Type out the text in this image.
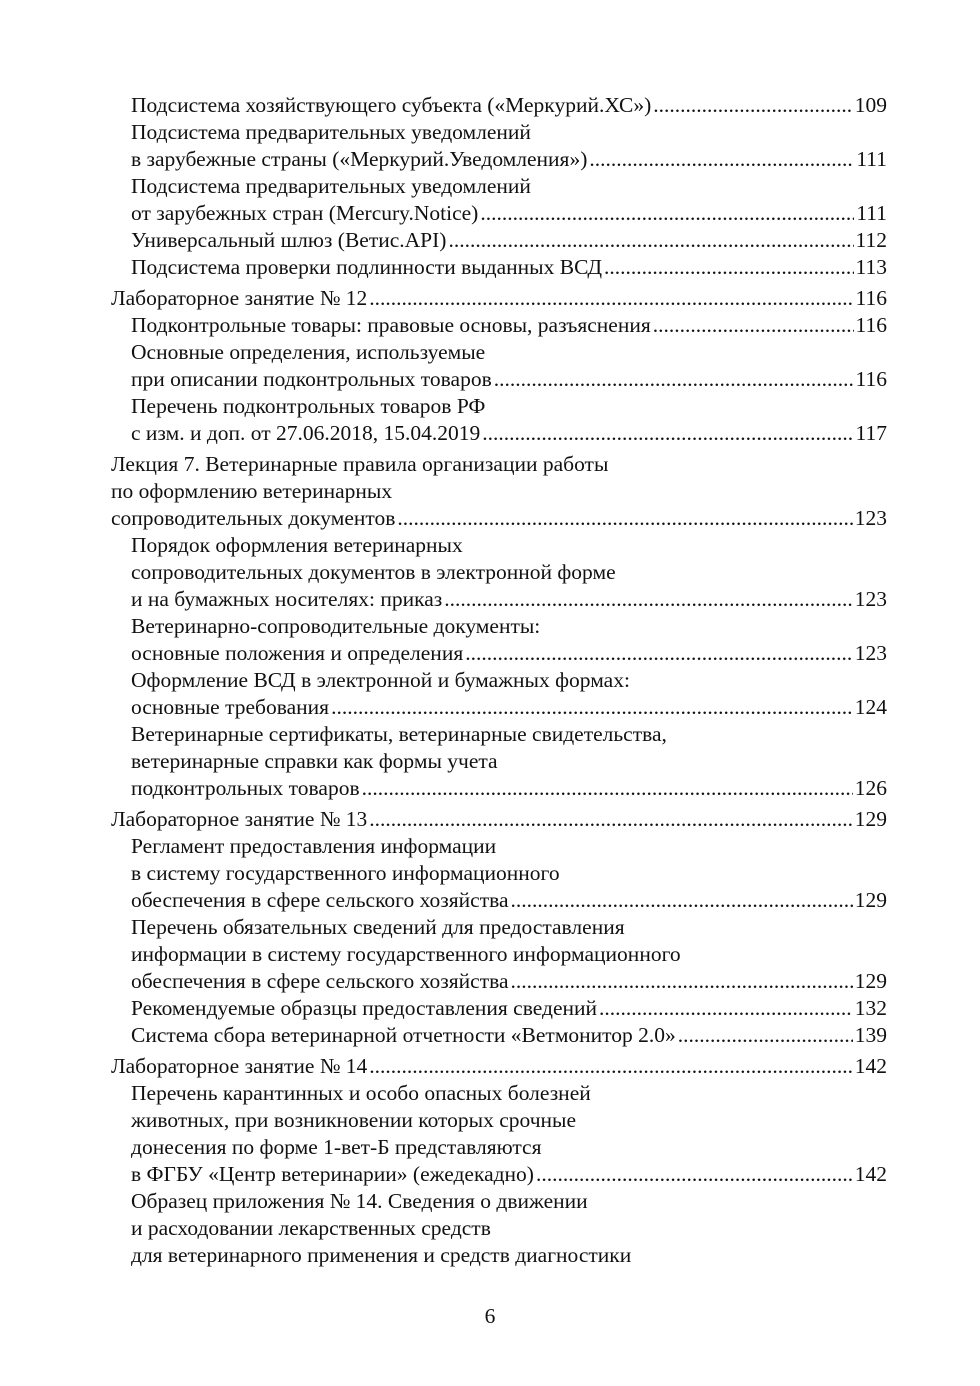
Подсистема хозяйствующего субъекта («Меркурий.ХС») .....	109
Подсистема предварительных уведомлений
в зарубежные страны («Меркурий.Уведомления») .....	111
Подсистема предварительных уведомлений
от зарубежных стран (Mercury.Notice) .....	111
Универсальный шлюз (Ветис.API) .....	112
Подсистема проверки подлинности выданных ВСД .....	113
Лабораторное занятие № 12 .....	116
Подконтрольные товары: правовые основы, разъяснения .....	116
Основные определения, используемые
при описании подконтрольных товаров .....	116
Перечень подконтрольных товаров РФ
с изм. и доп. от 27.06.2018, 15.04.2019 .....	117
Лекция 7. Ветеринарные правила организации работы
по оформлению ветеринарных
сопроводительных документов .....	123
Порядок оформления ветеринарных
сопроводительных документов в электронной форме
и на бумажных носителях: приказ .....	123
Ветеринарно-сопроводительные документы:
основные положения и определения .....	123
Оформление ВСД в электронной и бумажных формах:
основные требования .....	124
Ветеринарные сертификаты, ветеринарные свидетельства,
ветеринарные справки как формы учета
подконтрольных товаров .....	126
Лабораторное занятие № 13 .....	129
Регламент предоставления информации
в систему государственного информационного
обеспечения в сфере сельского хозяйства .....	129
Перечень обязательных сведений для предоставления
информации в систему государственного информационного
обеспечения в сфере сельского хозяйства .....	129
Рекомендуемые образцы предоставления сведений .....	132
Система сбора ветеринарной отчетности «Ветмонитор 2.0» .....	139
Лабораторное занятие № 14 .....	142
Перечень карантинных и особо опасных болезней
животных, при возникновении которых срочные
донесения по форме 1-вет-Б представляются
в ФГБУ «Центр ветеринарии» (ежедекадно) .....	142
Образец приложения № 14. Сведения о движении
и расходовании лекарственных средств
для ветеринарного применения и средств диагностики
6
